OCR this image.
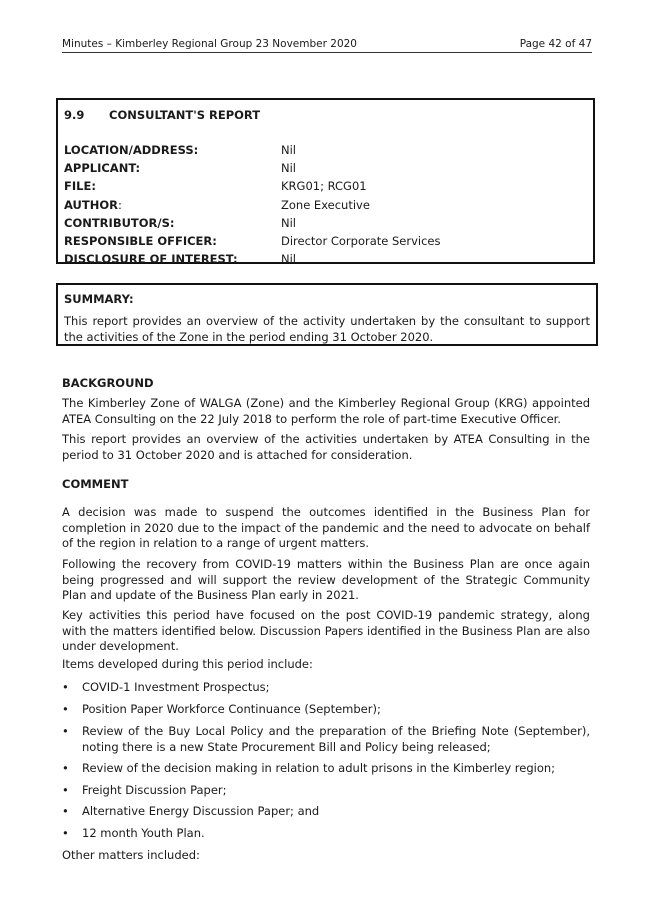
Minutes – Kimberley Regional Group 23 November 2020	Page 42 of 47
9.9 CONSULTANT'S REPORT
LOCATION/ADDRESS:	Nil
APPLICANT:	Nil
FILE:	KRG01; RCG01
AUTHOR:	Zone Executive
CONTRIBUTOR/S:	Nil
RESPONSIBLE OFFICER:	Director Corporate Services
DISCLOSURE OF INTEREST:	Nil
SUMMARY:
This report provides an overview of the activity undertaken by the consultant to support the activities of the Zone in the period ending 31 October 2020.
BACKGROUND
The Kimberley Zone of WALGA (Zone) and the Kimberley Regional Group (KRG) appointed ATEA Consulting on the 22 July 2018 to perform the role of part-time Executive Officer.
This report provides an overview of the activities undertaken by ATEA Consulting in the period to 31 October 2020 and is attached for consideration.
COMMENT
A decision was made to suspend the outcomes identified in the Business Plan for completion in 2020 due to the impact of the pandemic and the need to advocate on behalf of the region in relation to a range of urgent matters.
Following the recovery from COVID-19 matters within the Business Plan are once again being progressed and will support the review development of the Strategic Community Plan and update of the Business Plan early in 2021.
Key activities this period have focused on the post COVID-19 pandemic strategy, along with the matters identified below. Discussion Papers identified in the Business Plan are also under development.
Items developed during this period include:
• COVID-1 Investment Prospectus;
• Position Paper Workforce Continuance (September);
• Review of the Buy Local Policy and the preparation of the Briefing Note (September), noting there is a new State Procurement Bill and Policy being released;
• Review of the decision making in relation to adult prisons in the Kimberley region;
• Freight Discussion Paper;
• Alternative Energy Discussion Paper; and
• 12 month Youth Plan.
Other matters included:
